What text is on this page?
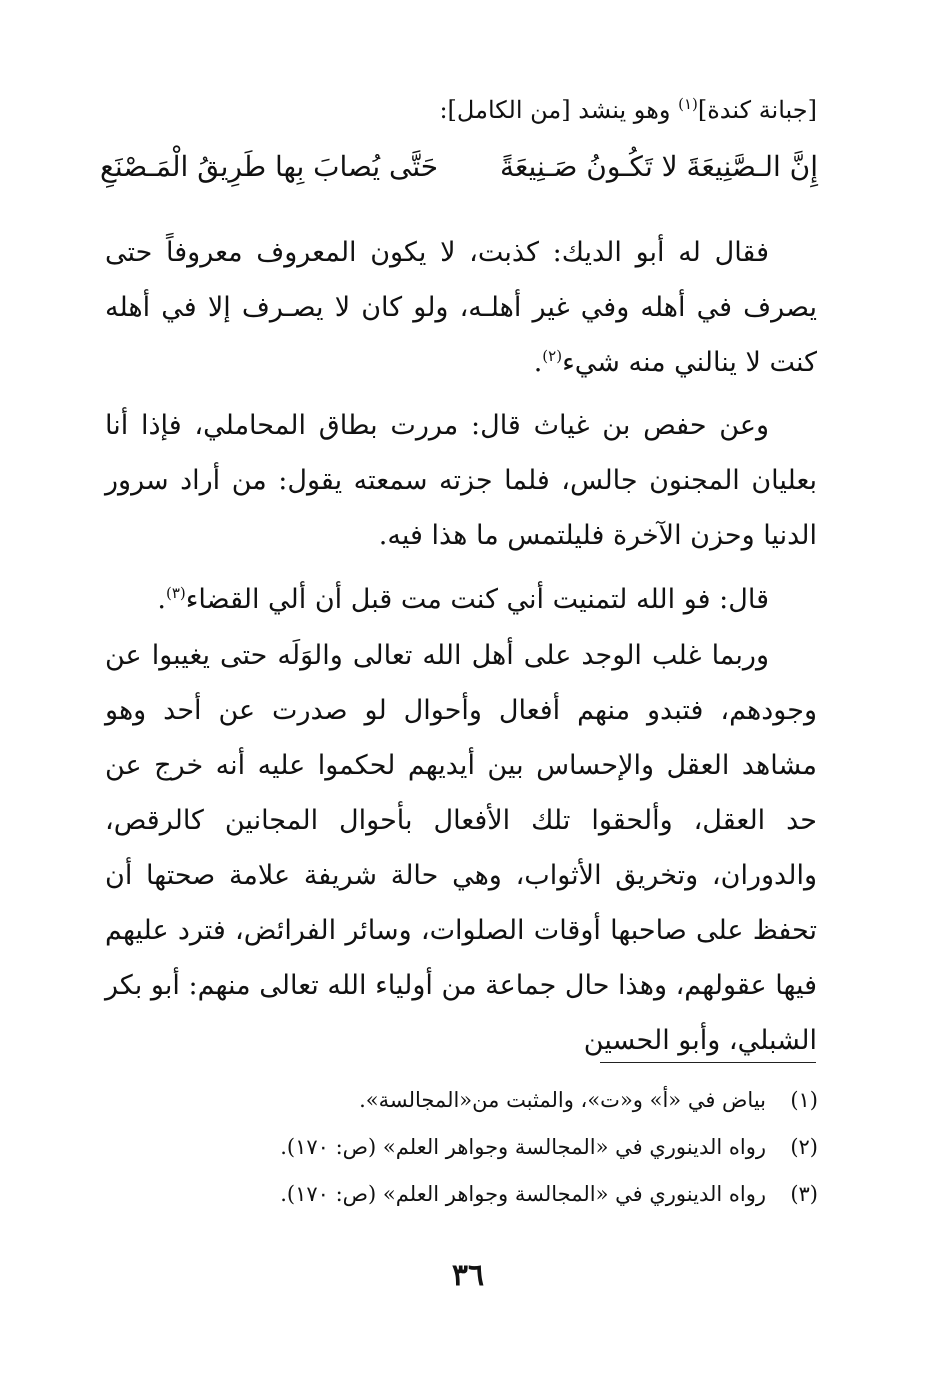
[جبانة كندة]$^{(١)}$ وهو ينشد [من الكامل]:
إِنَّ الـصَّنِيعَةَ لا تَكُـونُ صَـنِيعَةً
حَتَّى يُصابَ بِها طَرِيقُ الْمَـصْنَعِ
فقال له أبو الديك: كذبت، لا يكون المعروف معروفاً حتى يصرف في أهله وفي غير أهلـه، ولو كان لا يصـرف إلا في أهله كنت لا ينالني منه شيء$^{(٢)}$.
وعن حفص بن غياث قال: مررت بطاق المحاملي، فإذا أنا بعليان المجنون جالس، فلما جزته سمعته يقول: من أراد سرور الدنيا وحزن الآخرة فليلتمس ما هذا فيه.
قال: فو الله لتمنيت أني كنت مت قبل أن ألي القضاء$^{(٣)}$.
وربما غلب الوجد على أهل الله تعالى والوَلَه حتى يغيبوا عن وجودهم، فتبدو منهم أفعال وأحوال لو صدرت عن أحد وهو مشاهد العقل والإحساس بين أيديهم لحكموا عليه أنه خرج عن حد العقل، وألحقوا تلك الأفعال بأحوال المجانين كالرقص، والدوران، وتخريق الأثواب، وهي حالة شريفة علامة صحتها أن تحفظ على صاحبها أوقات الصلوات، وسائر الفرائض، فترد عليهم فيها عقولهم، وهذا حال جماعة من أولياء الله تعالى منهم: أبو بكر الشبلي، وأبو الحسين
(١)
بياض في «أ» و«ت»، والمثبت من«المجالسة».
(٢)
رواه الدينوري في «المجالسة وجواهر العلم» (ص: ١٧٠).
(٣)
رواه الدينوري في «المجالسة وجواهر العلم» (ص: ١٧٠).
٣٦
